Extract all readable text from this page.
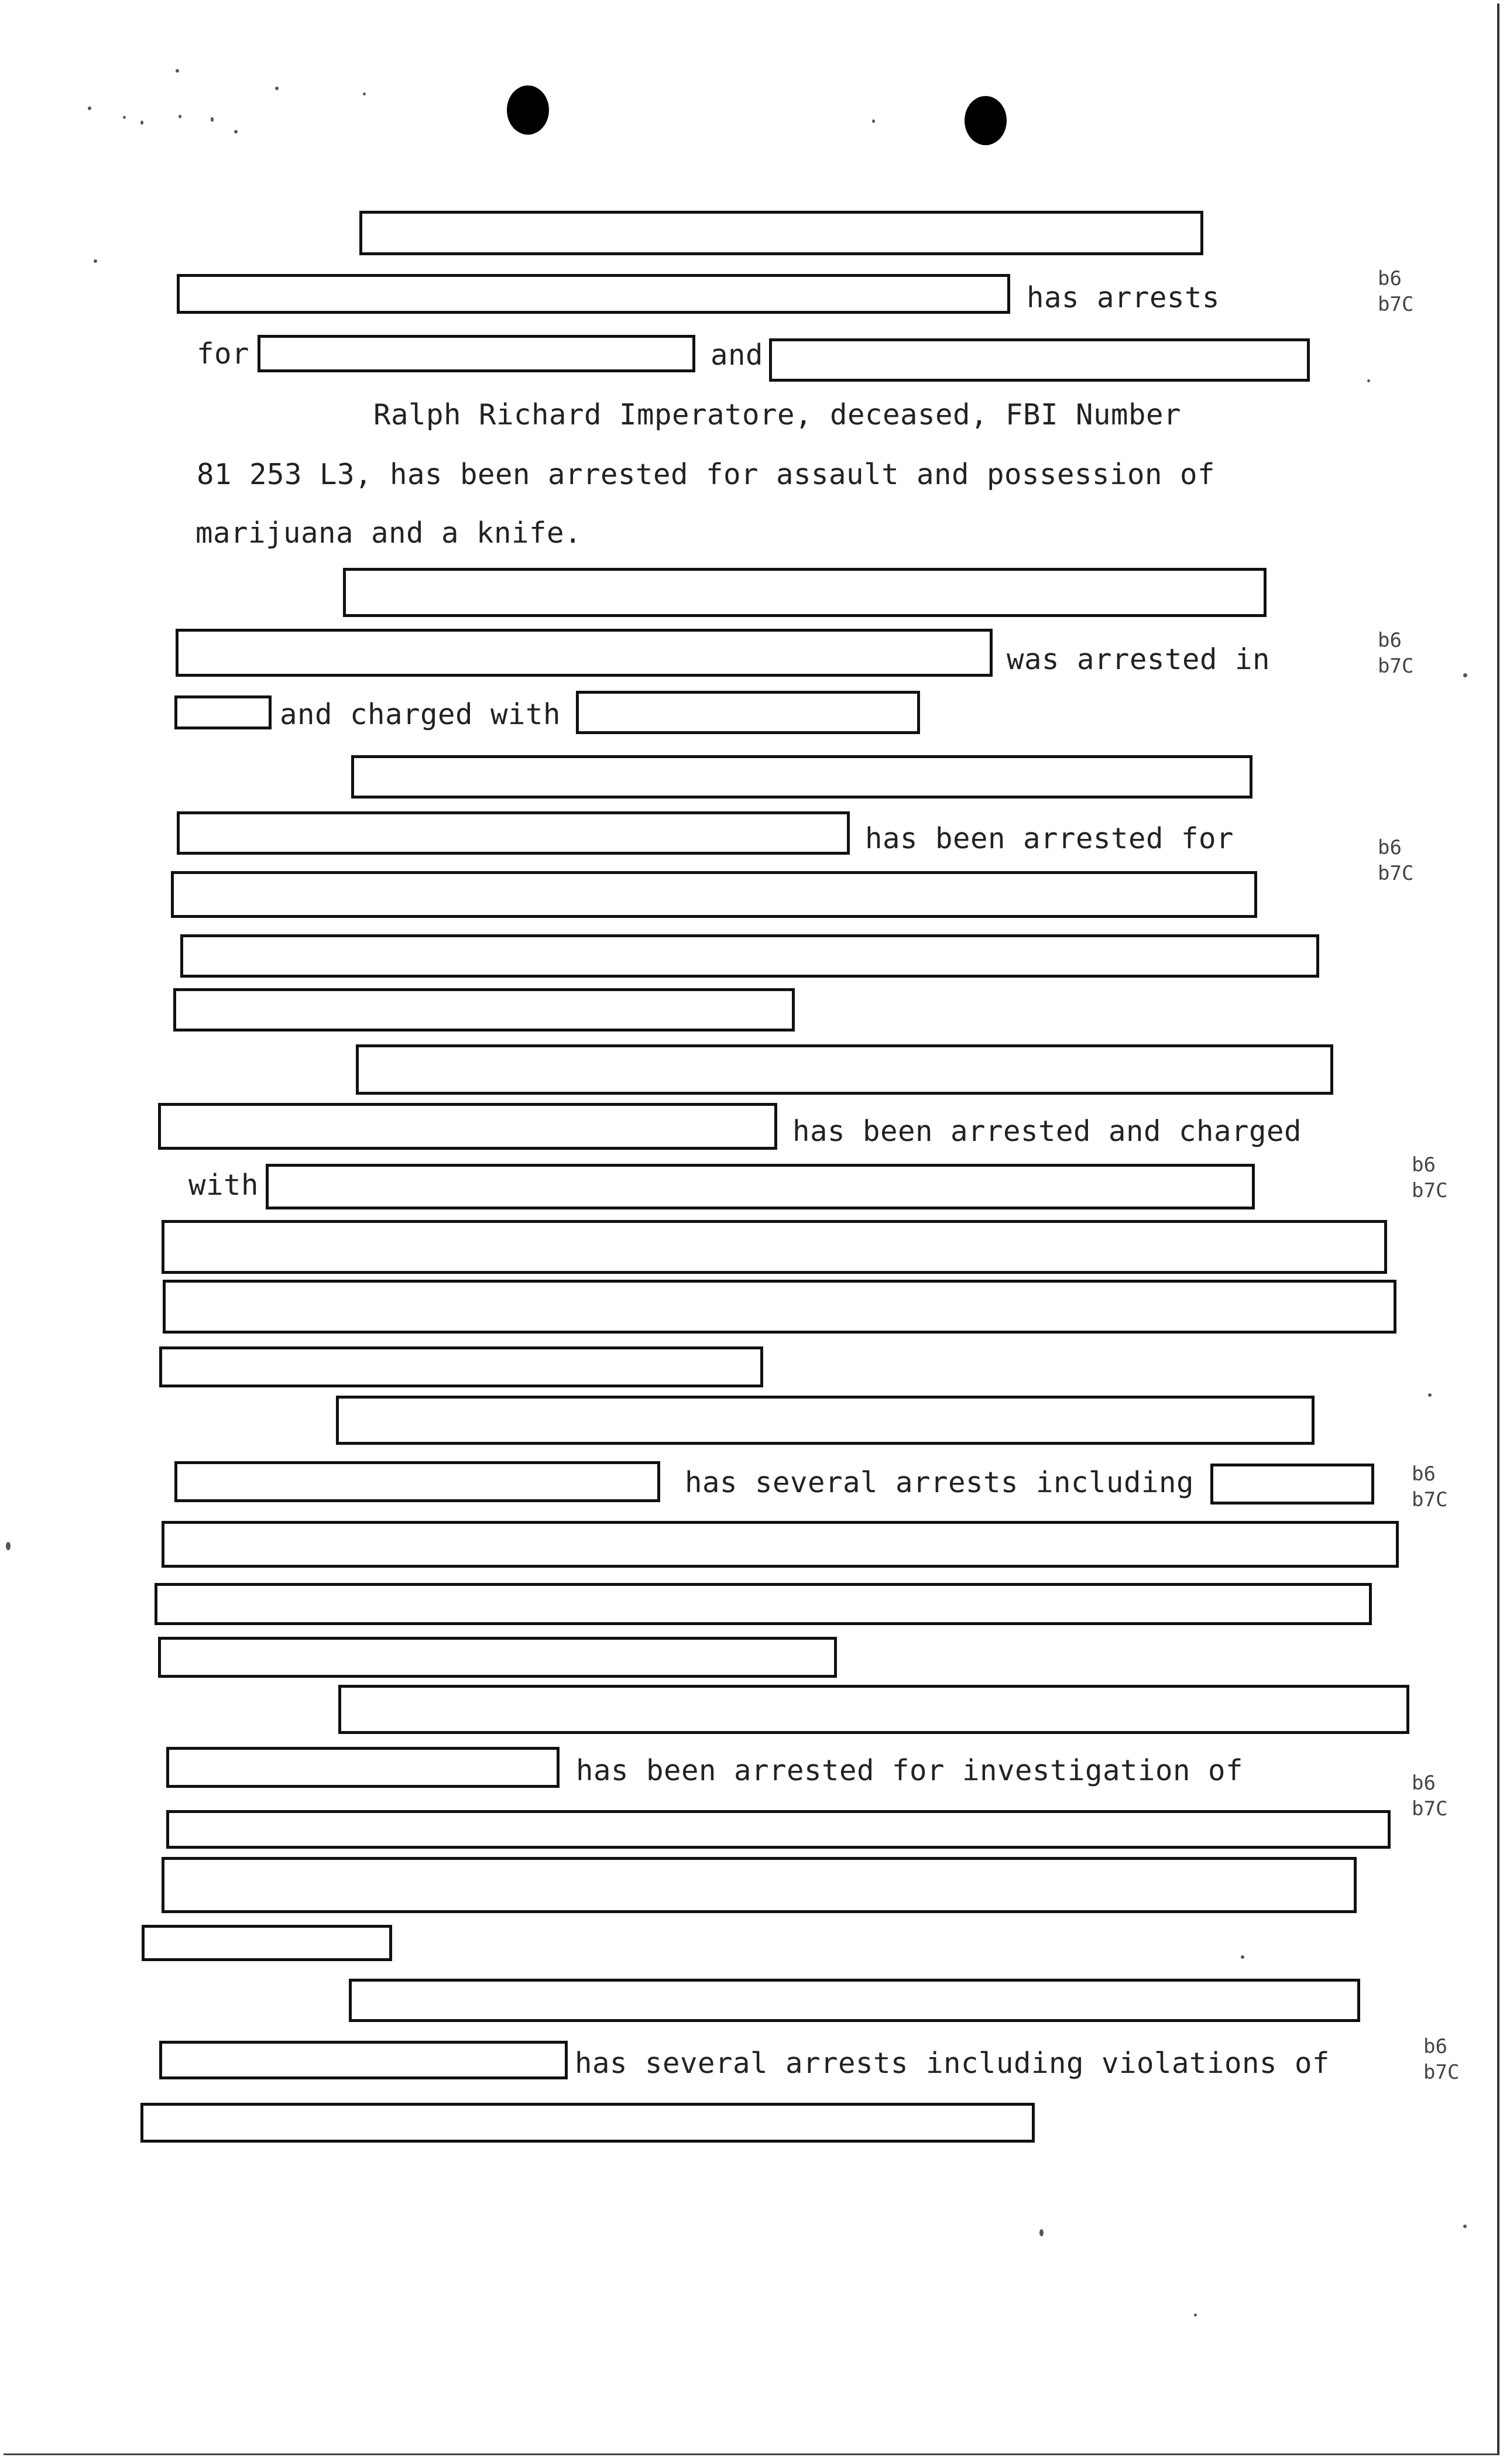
has arrests
for	and
Ralph Richard Imperatore, deceased, FBI Number
81 253 L3, has been arrested for assault and possession of
marijuana and a knife.
b6
b7C
was arrested in
and charged with
b6
b7C
has been arrested for	b6
b7C
has been arrested and charged
with
b6
b7C
has several arrests including	b6
b7C
has been arrested for investigation of	b6
b7C
has several arrests including violations of	b6
b7C
